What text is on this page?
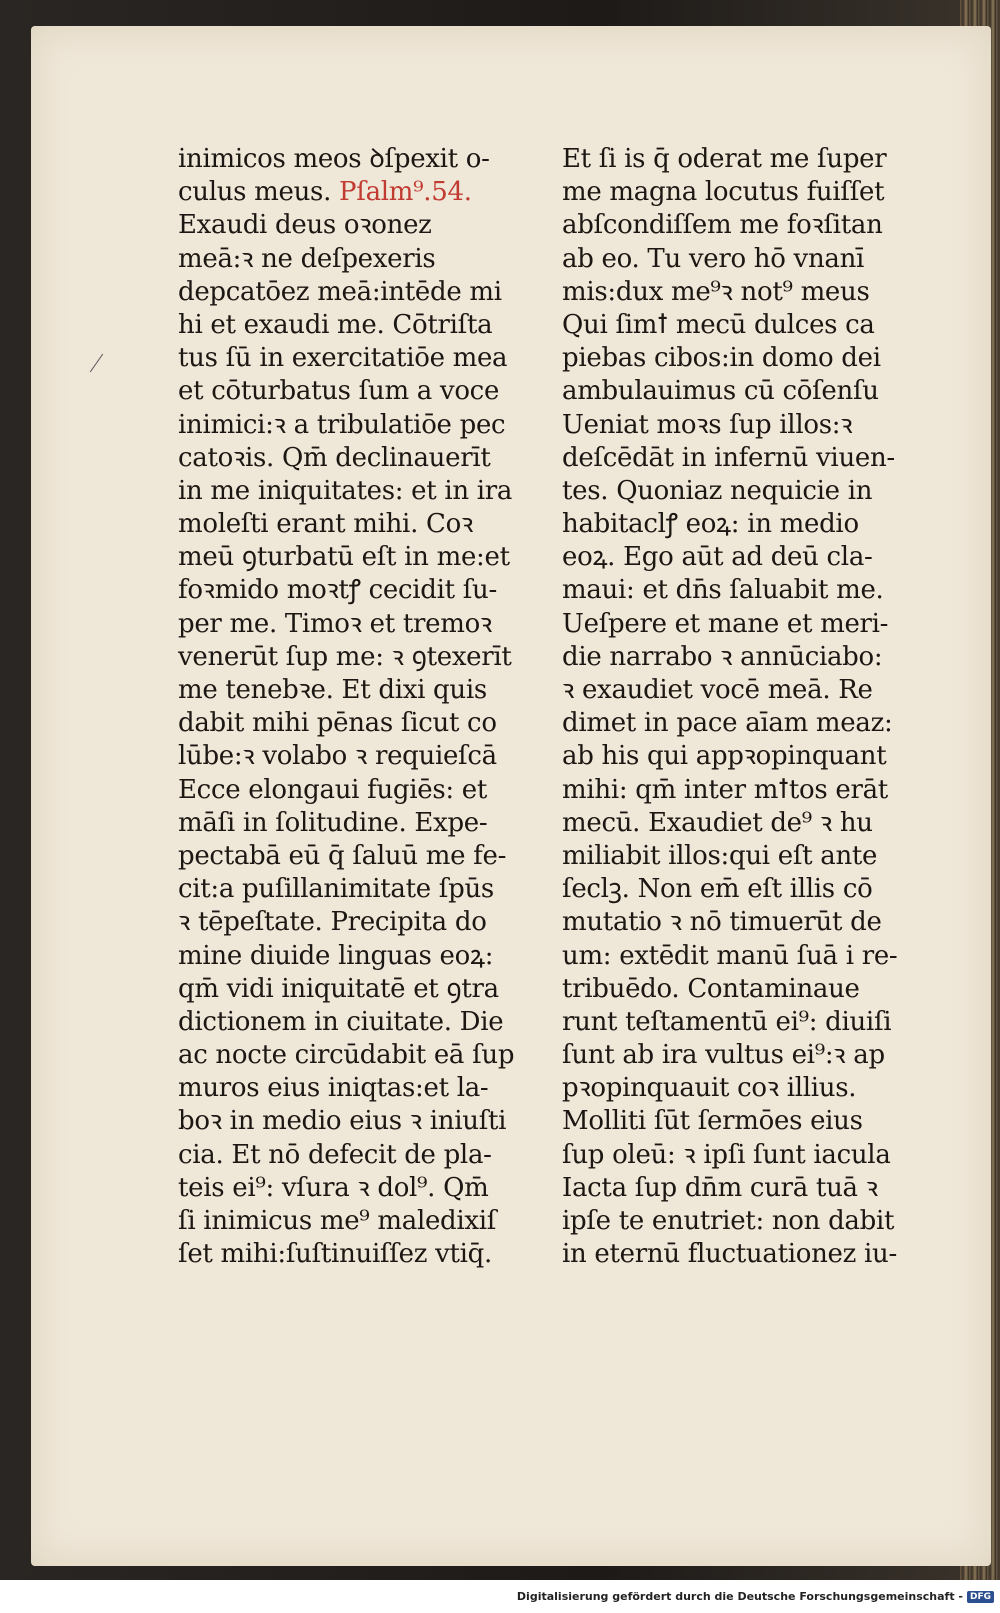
inimicos meos ꝺſpexit o-
culus meus. Pſalm⁹.54.
Exaudi deus oꝛonez
meā:ꝛ ne deſpexeris
depcatōez meā:intēde mi
hi et exaudi me. Cōtriſta
tus ſū in exercitatiōe mea
et cōturbatus ſum a voce
inimici:ꝛ a tribulatiōe pec
catoꝛis. Qm̄ declinauerīt
in me iniquitates: et in ira
moleſti erant mihi. Coꝛ
meū ꝯturbatū eſt in me:et
foꝛmido moꝛtꝭ cecidit ſu-
per me. Timoꝛ et tremoꝛ
venerūt ſup me: ꝛ ꝯtexerīt
me tenebꝛe. Et dixi quis
dabit mihi pēnas ſicut co
lūbe:ꝛ volabo ꝛ requieſcā
Ecce elongaui fugiēs: et
māſi in ſolitudine. Expe-
pectabā eū q̄ ſaluū me fe-
cit:a puſillanimitate ſpūs
ꝛ tēpeſtate. Precipita do
mine diuide linguas eoꝝ:
qm̄ vidi iniquitatē et ꝯtra
dictionem in ciuitate. Die
ac nocte circūdabit eā ſup
muros eius iniqtas:et la-
boꝛ in medio eius ꝛ iniuſti
cia. Et nō defecit de pla-
teis ei⁹: vſura ꝛ dol⁹. Qm̄
ſi inimicus me⁹ maledixiſ
ſet mihi:ſuſtinuiſſez vtiq̄.
Et ſi is q̄ oderat me ſuper
me magna locutus fuiſſet
abſcondiſſem me foꝛſitan
ab eo. Tu vero hō vnanī
mis:dux me⁹ꝛ not⁹ meus
Qui ſimꝉ mecū dulces ca
piebas cibos:in domo dei
ambulauimus cū cōſenſu
Ueniat moꝛs ſup illos:ꝛ
deſcēdāt in infernū viuen-
tes. Quoniaz nequicie in
habitaclꝭ eoꝝ: in medio
eoꝝ. Ego aūt ad deū cla-
maui: et dn̄s ſaluabit me.
Ueſpere et mane et meri-
die narrabo ꝛ annūciabo:
ꝛ exaudiet vocē meā. Re
dimet in pace aīam meaz:
ab his qui appꝛopinquant
mihi: qm̄ inter mꝉtos erāt
mecū. Exaudiet de⁹ ꝛ hu
miliabit illos:qui eſt ante
ſeclꝫ. Non em̄ eſt illis cō
mutatio ꝛ nō timuerūt de
um: extēdit manū ſuā i re-
tribuēdo. Contaminaue
runt teſtamentū ei⁹: diuiſi
ſunt ab ira vultus ei⁹:ꝛ ap
pꝛopinquauit coꝛ illius.
Molliti ſūt ſermōes eius
ſup oleū: ꝛ ipſi ſunt iacula
Iacta ſup dn̄m curā tuā ꝛ
ipſe te enutriet: non dabit
in eternū fluctuationez iu-
Digitalisierung gefördert durch die Deutsche Forschungsgemeinschaft - DFG
